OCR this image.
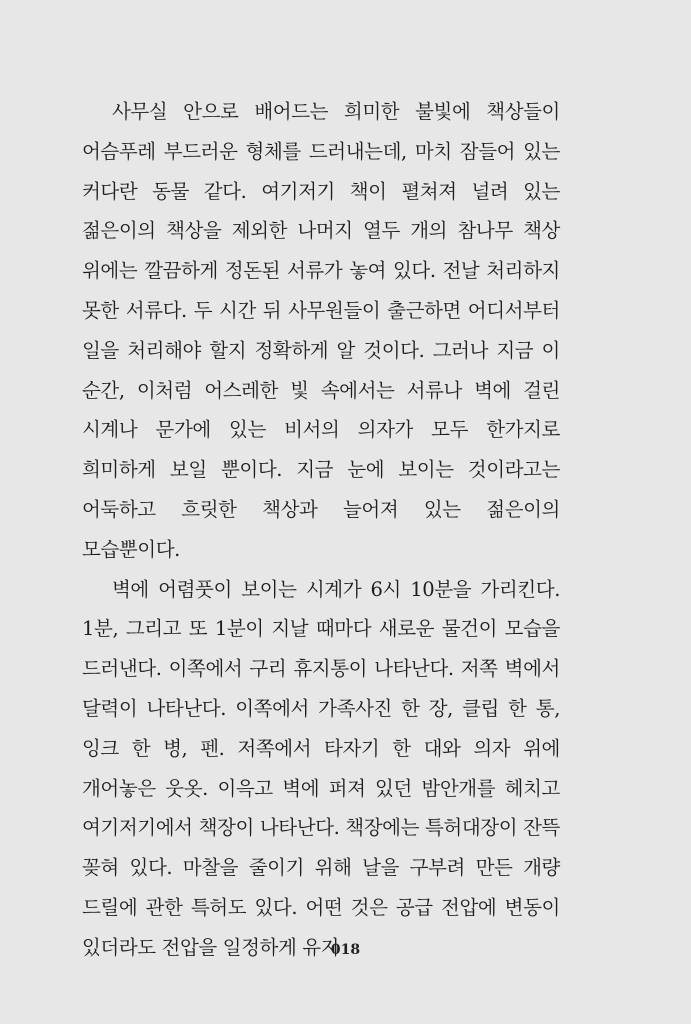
사무실 안으로 배어드는 희미한 불빛에 책상들이 어슴푸레 부드러운 형체를 드러내는데, 마치 잠들어 있는 커다란 동물 같다. 여기저기 책이 펼쳐져 널려 있는 젊은이의 책상을 제외한 나머지 열두 개의 참나무 책상 위에는 깔끔하게 정돈된 서류가 놓여 있다. 전날 처리하지 못한 서류다. 두 시간 뒤 사무원들이 출근하면 어디서부터 일을 처리해야 할지 정확하게 알 것이다. 그러나 지금 이 순간, 이처럼 어스레한 빛 속에서는 서류나 벽에 걸린 시계나 문가에 있는 비서의 의자가 모두 한가지로 희미하게 보일 뿐이다. 지금 눈에 보이는 것이라고는 어둑하고 흐릿한 책상과 늘어져 있는 젊은이의 모습뿐이다.

벽에 어렴풋이 보이는 시계가 6시 10분을 가리킨다. 1분, 그리고 또 1분이 지날 때마다 새로운 물건이 모습을 드러낸다. 이쪽에서 구리 휴지통이 나타난다. 저쪽 벽에서 달력이 나타난다. 이쪽에서 가족사진 한 장, 클립 한 통, 잉크 한 병, 펜. 저쪽에서 타자기 한 대와 의자 위에 개어놓은 웃옷. 이윽고 벽에 퍼져 있던 밤안개를 헤치고 여기저기에서 책장이 나타난다. 책장에는 특허대장이 잔뜩 꽂혀 있다. 마찰을 줄이기 위해 날을 구부려 만든 개량 드릴에 관한 특허도 있다. 어떤 것은 공급 전압에 변동이 있더라도 전압을 일정하게 유지

018
